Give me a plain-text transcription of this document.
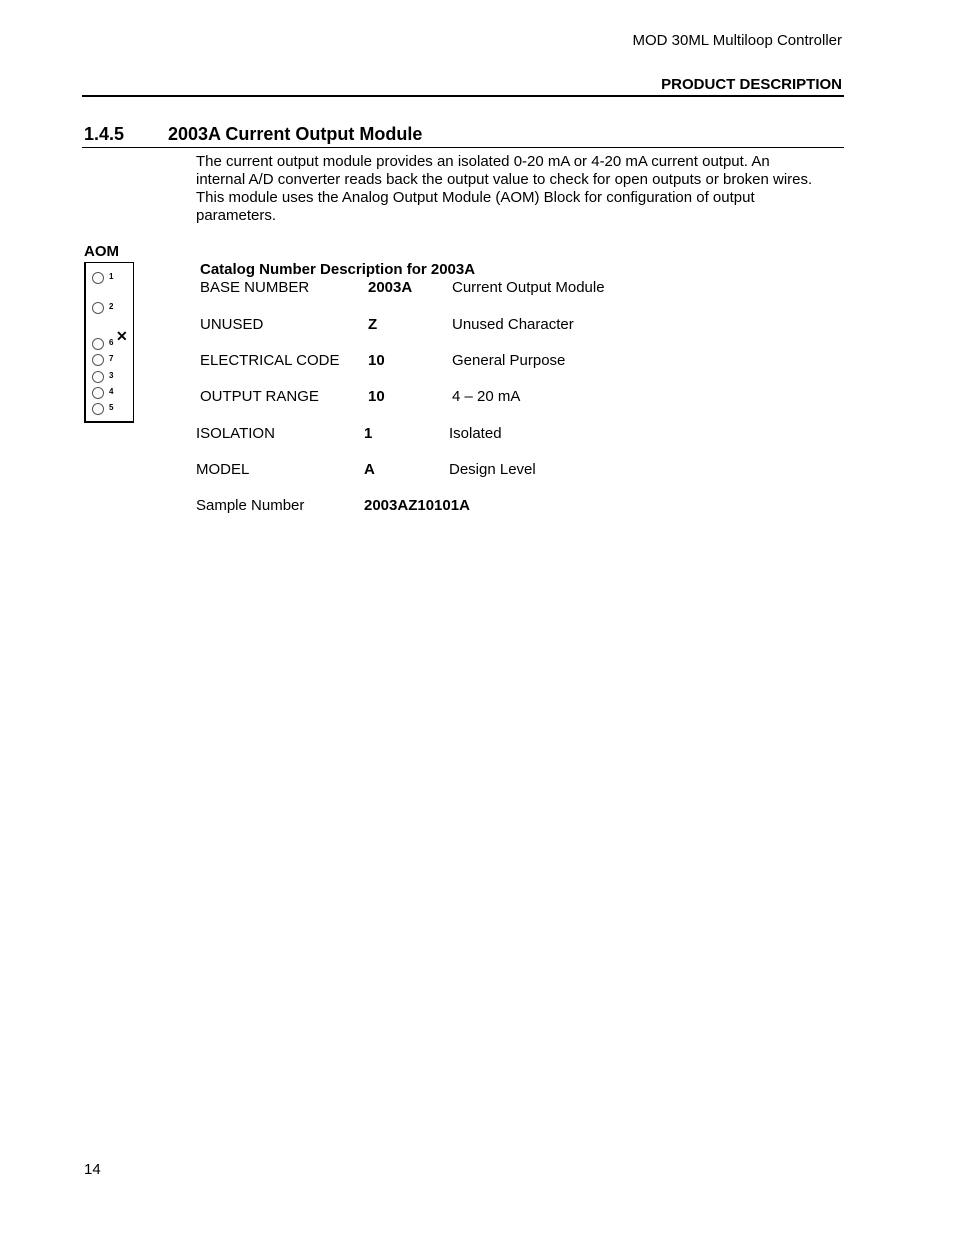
MOD 30ML Multiloop Controller
PRODUCT DESCRIPTION
1.4.5 2003A Current Output Module
The current output module provides an isolated 0-20 mA or 4-20 mA current output. An
internal A/D converter reads back the output value to check for open outputs or broken wires.
This module uses the Analog Output Module (AOM) Block for configuration of output
parameters.
AOM
1
2
6 ✕
7
3
4
5
Catalog Number Description for 2003A
BASE NUMBER	2003A	Current Output Module
UNUSED	Z	Unused Character
ELECTRICAL CODE 10	General Purpose
OUTPUT RANGE	10	4 – 20 mA
ISOLATION	1	Isolated
MODEL	A	Design Level
Sample Number	2003AZ10101A
14
